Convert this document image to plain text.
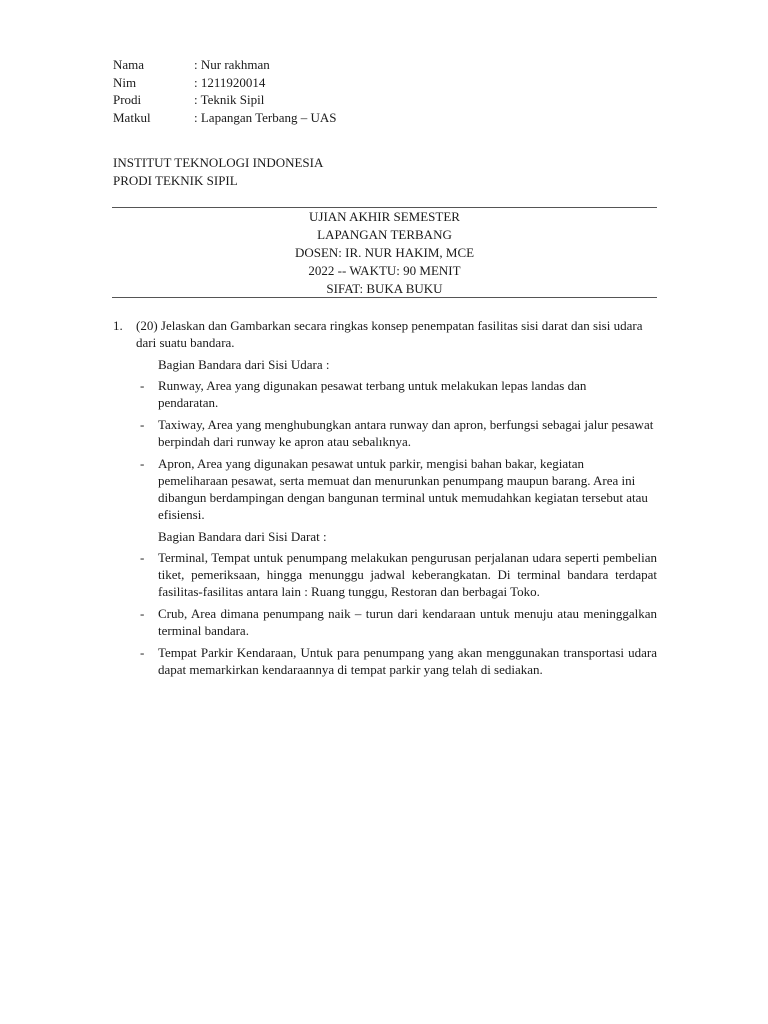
Nama	: Nur rakhman
Nim	: 1211920014
Prodi	: Teknik Sipil
Matkul	: Lapangan Terbang – UAS
INSTITUT TEKNOLOGI INDONESIA
PRODI TEKNIK SIPIL
UJIAN AKHIR SEMESTER
LAPANGAN TERBANG
DOSEN: IR. NUR HAKIM, MCE
2022 -- WAKTU: 90 MENIT
SIFAT: BUKA BUKU
1.	(20) Jelaskan dan Gambarkan secara ringkas konsep penempatan fasilitas sisi darat dan sisi udara dari suatu bandara.
Bagian Bandara dari Sisi Udara :
-	Runway, Area yang digunakan pesawat terbang untuk melakukan lepas landas dan pendaratan.
-	Taxiway, Area yang menghubungkan antara runway dan apron, berfungsi sebagai jalur pesawat berpindah dari runway ke apron atau sebalıknya.
-	Apron, Area yang digunakan pesawat untuk parkir, mengisi bahan bakar, kegiatan pemeliharaan pesawat, serta memuat dan menurunkan penumpang maupun barang. Area ini dibangun berdampingan dengan bangunan terminal untuk memudahkan kegiatan tersebut atau efisiensi.
Bagian Bandara dari Sisi Darat :
-	Terminal, Tempat untuk penumpang melakukan pengurusan perjalanan udara seperti pembelian tiket, pemeriksaan, hingga menunggu jadwal keberangkatan. Di terminal bandara terdapat fasilitas-fasilitas antara lain : Ruang tunggu, Restoran dan berbagai Toko.
-	Crub, Area dimana penumpang naik – turun dari kendaraan untuk menuju atau meninggalkan terminal bandara.
-	Tempat Parkir Kendaraan, Untuk para penumpang yang akan menggunakan transportasi udara dapat memarkirkan kendaraannya di tempat parkir yang telah di sediakan.
